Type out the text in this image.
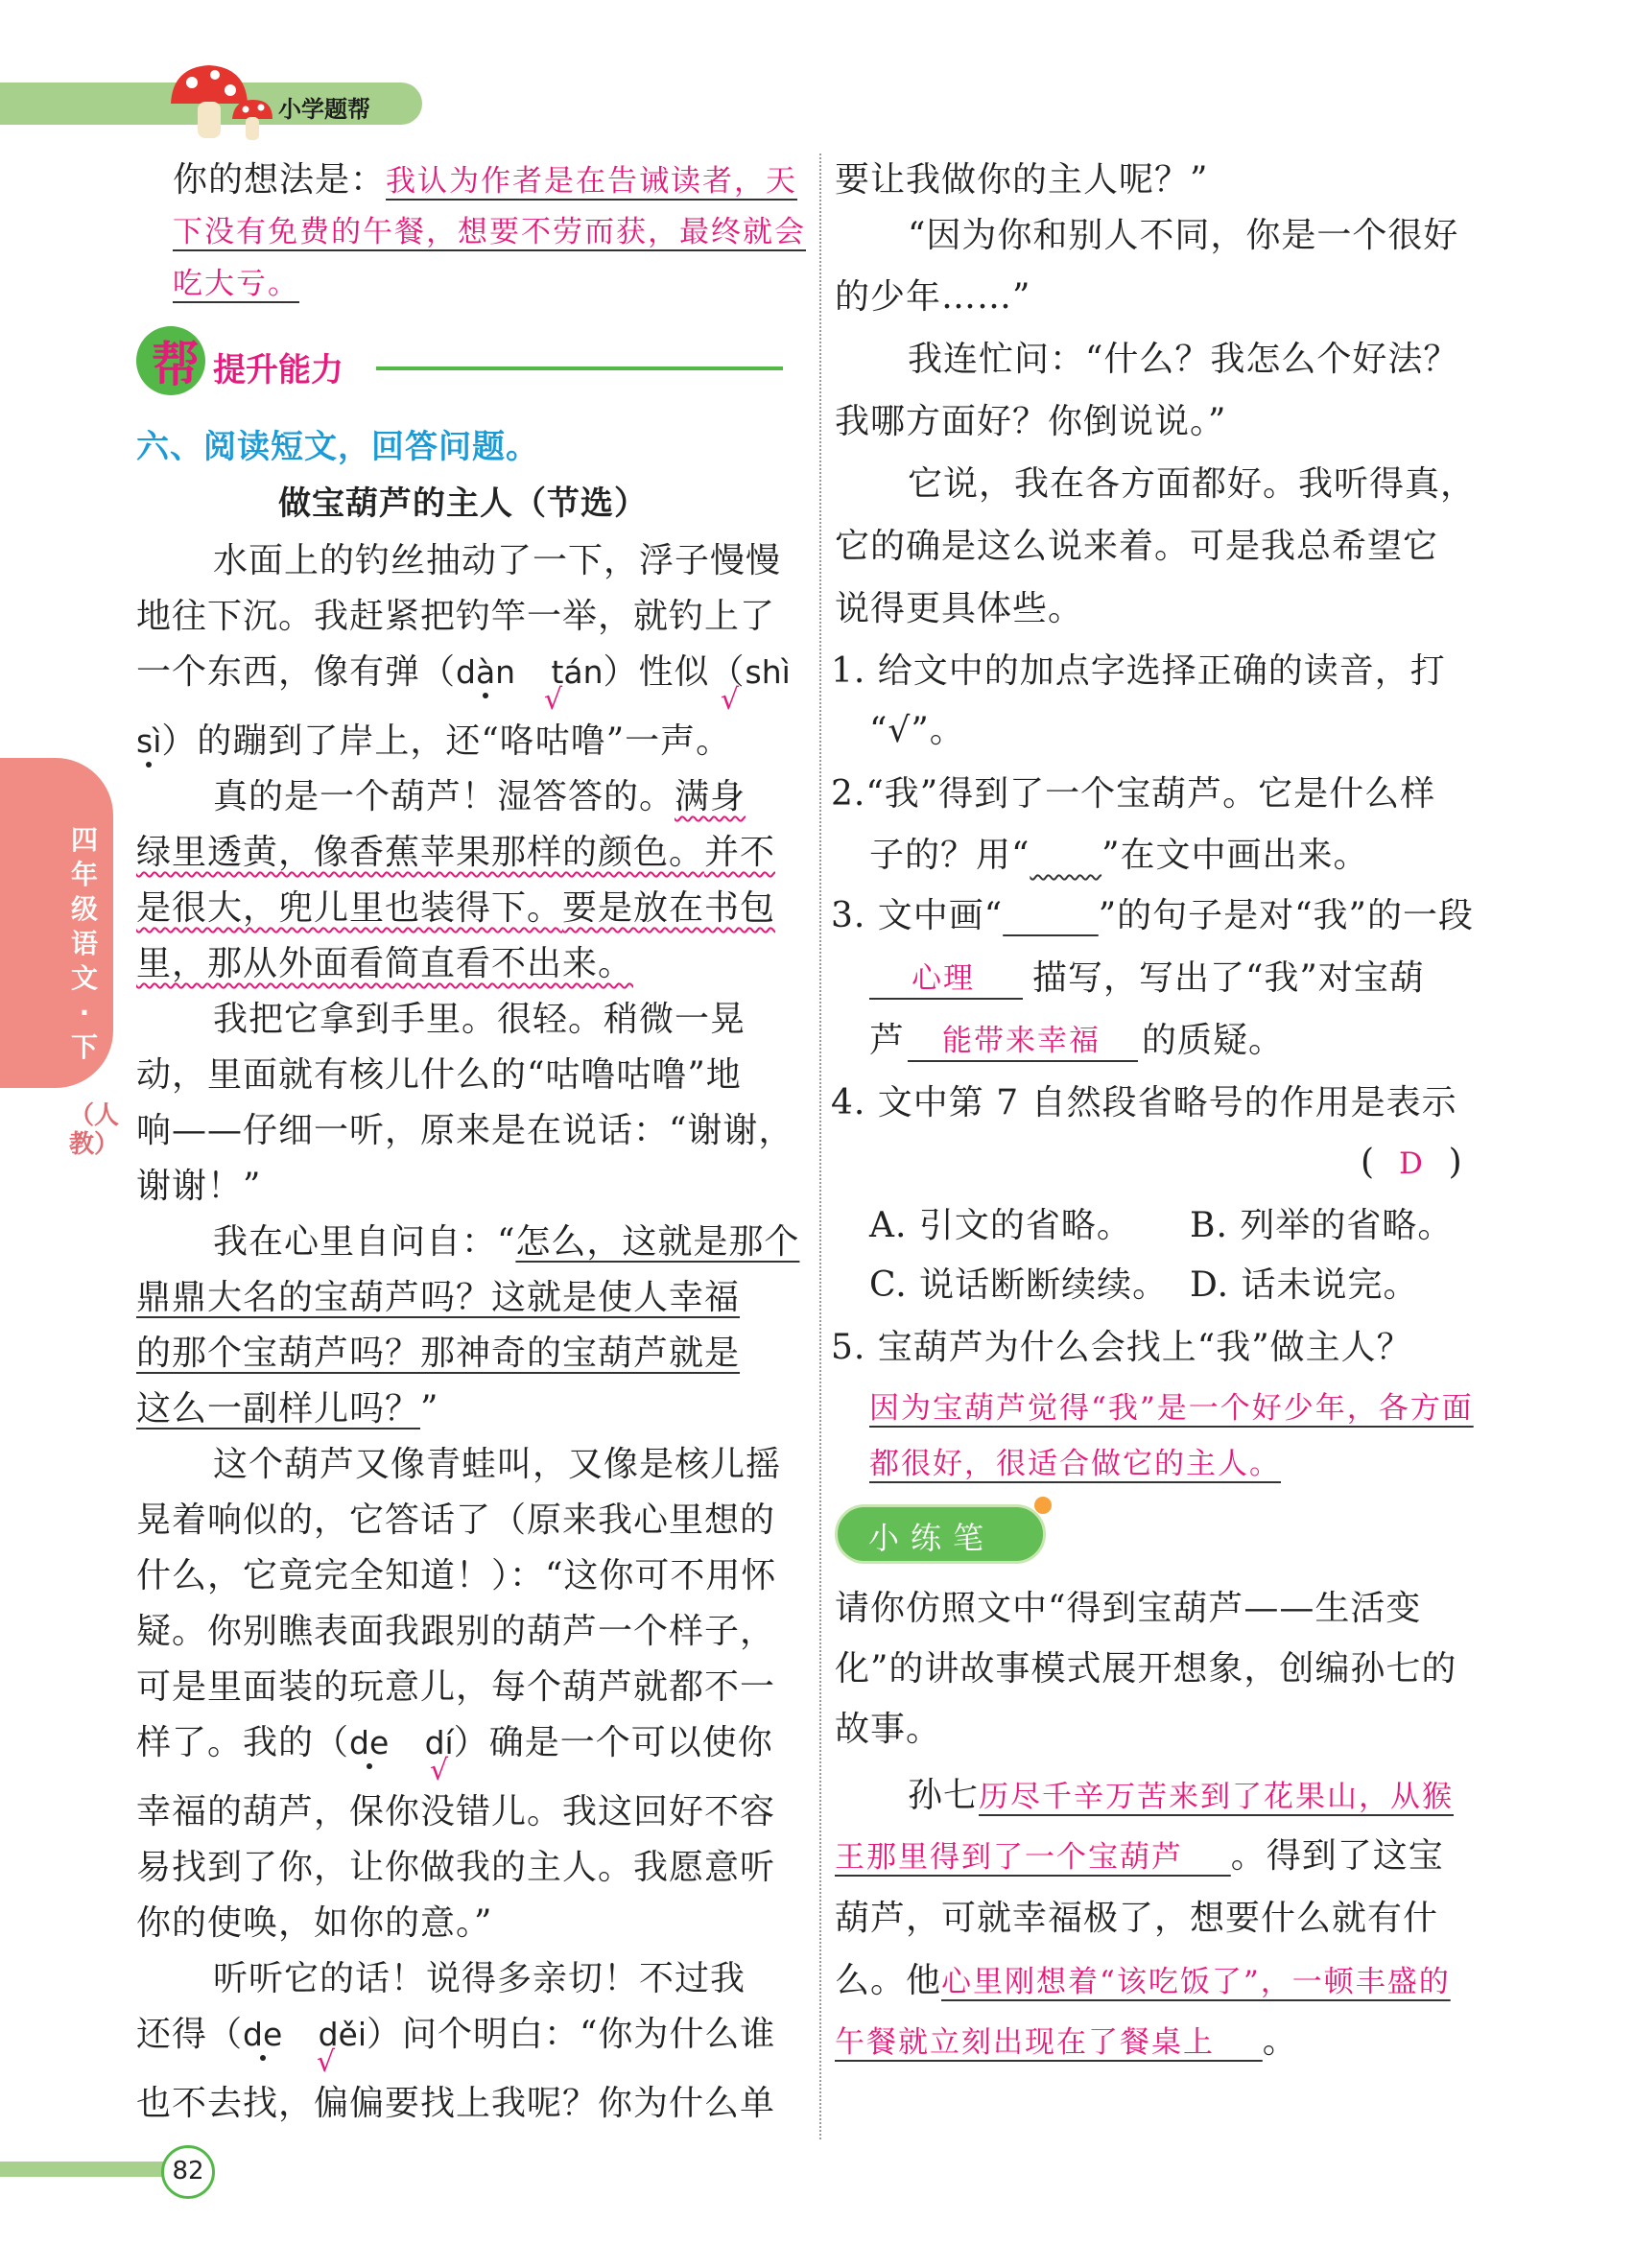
小学题帮
四年级语文·下
（人教）
你的想法是：我认为作者是在告诫读者，天
下没有免费的午餐，想要不劳而获，最终就会
吃大亏。
帮 提升能力
六、阅读短文，回答问题。
做宝葫芦的主人（节选）
水面上的钓丝抽动了一下，浮子慢慢
地往下沉。我赶紧把钓竿一举，就钓上了
一个东西，像有弹（dàn tán）性似（shì
√	√
sì）的蹦到了岸上，还“咯咕噜”一声。
真的是一个葫芦！湿答答的。满身
绿里透黄，像香蕉苹果那样的颜色。并不
是很大，兜儿里也装得下。要是放在书包
里，那从外面看简直看不出来。
我把它拿到手里。很轻。稍微一晃
动，里面就有核儿什么的“咕噜咕噜”地
响——仔细一听，原来是在说话：“谢谢，
谢谢！”
我在心里自问自：“怎么，这就是那个
鼎鼎大名的宝葫芦吗？这就是使人幸福
的那个宝葫芦吗？那神奇的宝葫芦就是
这么一副样儿吗？”
这个葫芦又像青蛙叫，又像是核儿摇
晃着响似的，它答话了（原来我心里想的
什么，它竟完全知道！）：“这你可不用怀
疑。你别瞧表面我跟别的葫芦一个样子，
可是里面装的玩意儿，每个葫芦就都不一
样了。我的（de dí）确是一个可以使你
√
幸福的葫芦，保你没错儿。我这回好不容
易找到了你，让你做我的主人。我愿意听
你的使唤，如你的意。”
听听它的话！说得多亲切！不过我
还得（de děi）问个明白：“你为什么谁
√
也不去找，偏偏要找上我呢？你为什么单
要让我做你的主人呢？”
“因为你和别人不同，你是一个很好
的少年……”
我连忙问：“什么？我怎么个好法？
我哪方面好？你倒说说。”
它说，我在各方面都好。我听得真，
它的确是这么说来着。可是我总希望它
说得更具体些。
1. 给文中的加点字选择正确的读音，打
“√”。
2.“我”得到了一个宝葫芦。它是什么样
子的？用“ ”在文中画出来。
3. 文中画“	”的句子是对“我”的一段
心理 描写，写出了“我”对宝葫
芦 能带来幸福 的质疑。
4. 文中第 7 自然段省略号的作用是表示
(  D  )
A. 引文的省略。 B. 列举的省略。
C. 说话断断续续。 D. 话未说完。
5. 宝葫芦为什么会找上“我”做主人？
因为宝葫芦觉得“我”是一个好少年，各方面
都很好，很适合做它的主人。
小练笔
请你仿照文中“得到宝葫芦——生活变
化”的讲故事模式展开想象，创编孙七的
故事。
孙七历尽千辛万苦来到了花果山，从猴
王那里得到了一个宝葫芦 。得到了这宝
葫芦，可就幸福极了，想要什么就有什
么。他心里刚想着“该吃饭了”，一顿丰盛的
午餐就立刻出现在了餐桌上 。
82
